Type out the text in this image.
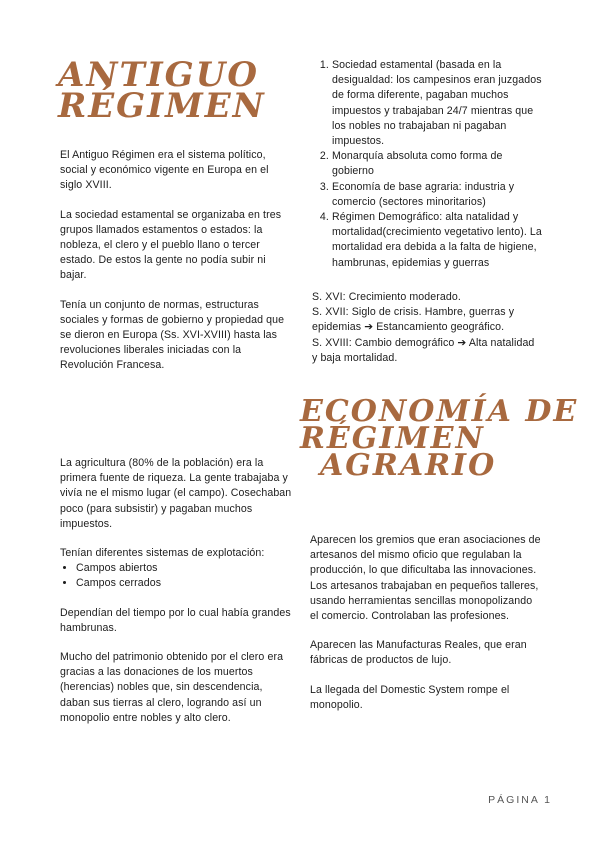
ANTIGUO
RÉGIMEN

El Antiguo Régimen era el sistema político, social y económico vigente en Europa en el siglo XVIII.

La sociedad estamental se organizaba en tres grupos llamados estamentos o estados: la nobleza, el clero y el pueblo llano o tercer estado. De estos la gente no podía subir ni bajar.

Tenía un conjunto de normas, estructuras sociales y formas de gobierno y propiedad que se dieron en Europa (Ss. XVI-XVIII) hasta las revoluciones liberales iniciadas con la Revolución Francesa.

1. Sociedad estamental (basada en la desigualdad: los campesinos eran juzgados de forma diferente, pagaban muchos impuestos y trabajaban 24/7 mientras que los nobles no trabajaban ni pagaban impuestos.
2. Monarquía absoluta como forma de gobierno
3. Economía de base agraria: industria y comercio (sectores minoritarios)
4. Régimen Demográfico: alta natalidad y mortalidad(crecimiento vegetativo lento). La mortalidad era debida a la falta de higiene, hambrunas, epidemias y guerras
S. XVI: Crecimiento moderado.
S. XVII: Siglo de crisis. Hambre, guerras y epidemias ➔ Estancamiento geográfico.
S. XVIII: Cambio demográfico ➔ Alta natalidad y baja mortalidad.
ECONOMÍA DE
RÉGIMEN
AGRARIO

La agricultura (80% de la población) era la primera fuente de riqueza. La gente trabajaba y vivía ne el mismo lugar (el campo). Cosechaban poco (para subsistir) y pagaban muchos impuestos.

Tenían diferentes sistemas de explotación:
• Campos abiertos
• Campos cerrados

Dependían del tiempo por lo cual había grandes hambrunas.

Mucho del patrimonio obtenido por el clero era gracias a las donaciones de los muertos (herencias) nobles que, sin descendencia, daban sus tierras al clero, logrando así un monopolio entre nobles y alto clero.

Aparecen los gremios que eran asociaciones de artesanos del mismo oficio que regulaban la producción, lo que dificultaba las innovaciones. Los artesanos trabajaban en pequeños talleres, usando herramientas sencillas monopolizando el comercio. Controlaban las profesiones.

Aparecen las Manufacturas Reales, que eran fábricas de productos de lujo.

La llegada del Domestic System rompe el monopolio.

PÁGINA 1
